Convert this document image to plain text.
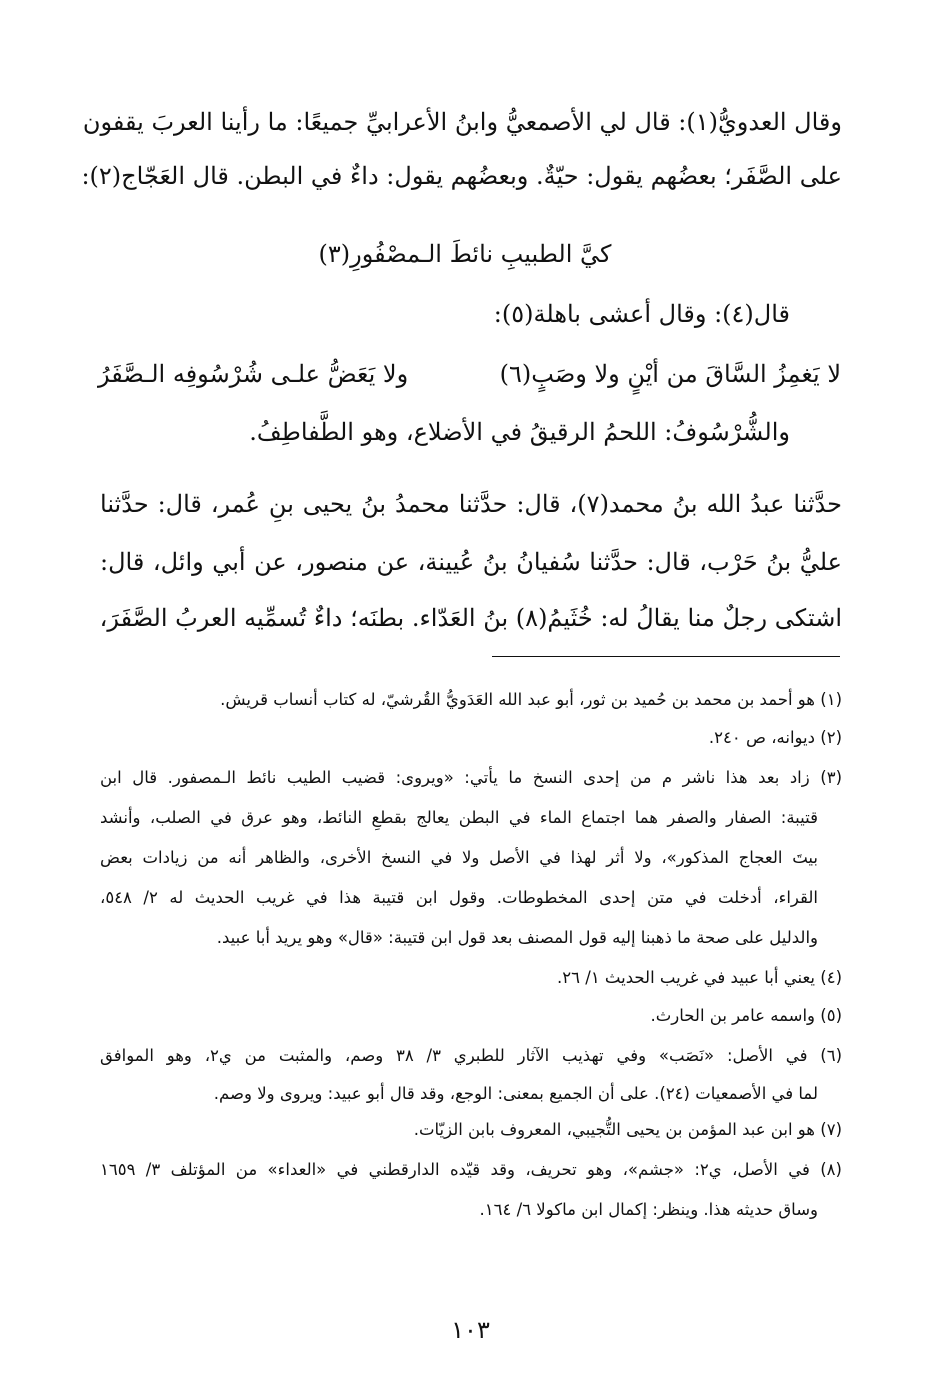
وقال العدويُّ(١): قال لي الأصمعيُّ وابنُ الأعرابيِّ جميعًا: ما رأينا العربَ يقفون
على الصَّفَر؛ بعضُهم يقول: حيّةٌ. وبعضُهم يقول: داءٌ في البطن. قال العَجّاج(٢):
كيَّ الطبيبِ نائطَ الـمصْفُورِ(٣)
قال(٤): وقال أعشى باهلة(٥):
لا يَغمِزُ السَّاقَ من أيْنٍ ولا وصَبٍ(٦)
ولا يَعَضُّ علـى شُرْسُوفِه الـصَّفَرُ
والشُّرْسُوفُ: اللحمُ الرقيقُ في الأضلاع، وهو الطَّفاطِفُ.
حدَّثنا عبدُ الله بنُ محمد(٧)، قال: حدَّثنا محمدُ بنُ يحيى بنِ عُمر، قال: حدَّثنا
عليُّ بنُ حَرْب، قال: حدَّثنا سُفيانُ بنُ عُيينة، عن منصور، عن أبي وائل، قال:
اشتكى رجلٌ منا يقالُ له: خُثَيمُ(٨) بنُ العَدّاء. بطنَه؛ داءٌ تُسمِّيه العربُ الصَّفَرَ،
(١) هو أحمد بن محمد بن حُميد بن ثور، أبو عبد الله العَدَويُّ القُرشيّ، له كتاب أنساب قريش.
(٢) ديوانه، ص ٢٤٠.
(٣) زاد بعد هذا ناشر م من إحدى النسخ ما يأتي: «ويروى: قضيب الطيب نائط الـمصفور. قال ابن
قتيبة: الصفار والصفر هما اجتماع الماء في البطن يعالج بقطعِ النائط، وهو عرق في الصلب، وأنشد
بيتَ العجاج المذكور»، ولا أثر لهذا في الأصل ولا في النسخ الأخرى، والظاهر أنه من زيادات بعض
القراء، أدخلت في متن إحدى المخطوطات. وقول ابن قتيبة هذا في غريب الحديث له ٢/ ٥٤٨،
والدليل على صحة ما ذهبنا إليه قول المصنف بعد قول ابن قتيبة: «قال» وهو يريد أبا عبيد.
(٤) يعني أبا عبيد في غريب الحديث ١/ ٢٦.
(٥) واسمه عامر بن الحارث.
(٦) في الأصل: «نَصَب» وفي تهذيب الآثار للطبري ٣/ ٣٨ وصم، والمثبت من ي٢، وهو الموافق
لما في الأصمعيات (٢٤). على أن الجميع بمعنى: الوجع، وقد قال أبو عبيد: ويروى ولا وصم.
(٧) هو ابن عبد المؤمن بن يحيى التُّجيبي، المعروف بابن الزيّات.
(٨) في الأصل، ي٢: «جشم»، وهو تحريف، وقد قيّده الدارقطني في «العداء» من المؤتلف ٣/ ١٦٥٩
وساق حديثه هذا. وينظر: إكمال ابن ماكولا ٦/ ١٦٤.
١٠٣
